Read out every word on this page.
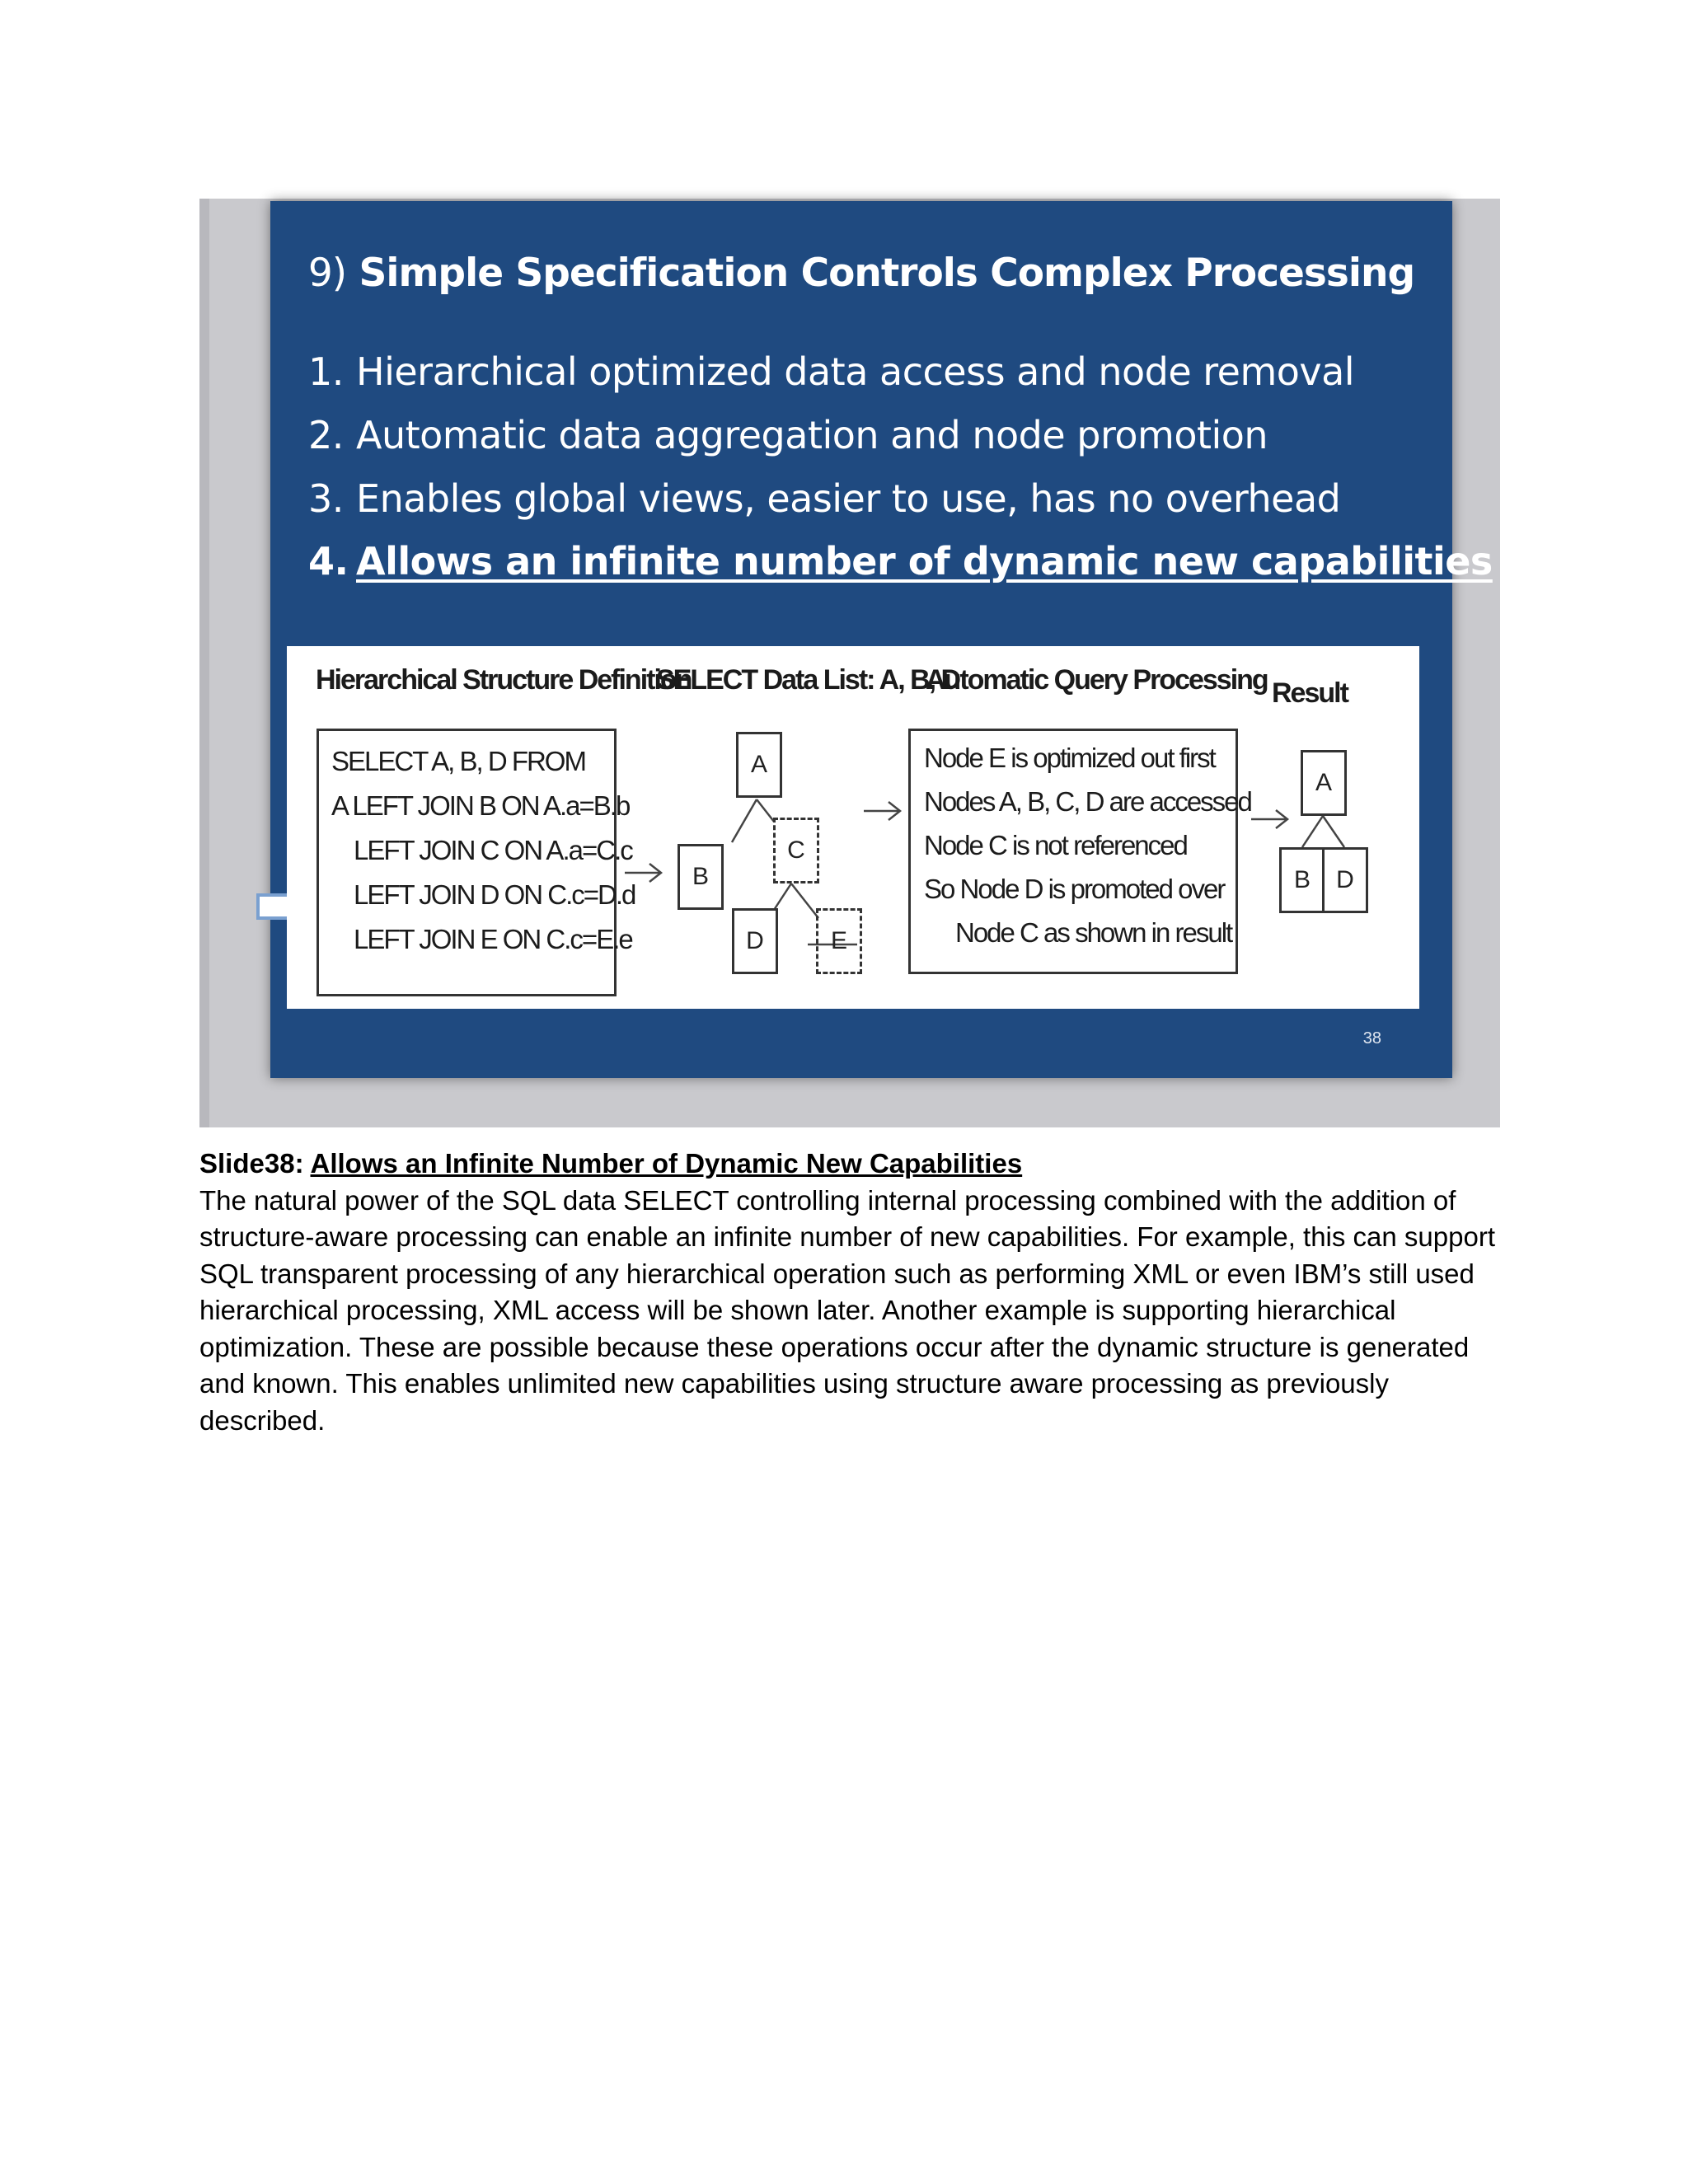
9) Simple Specification Controls Complex Processing
1. Hierarchical optimized data access and node removal
2. Automatic data aggregation and node promotion
3. Enables global views, easier to use, has no overhead
4. Allows an infinite number of dynamic new capabilities
Hierarchical Structure Definition
SELECT Data List: A, B, D
Automatic Query Processing Result
SELECT A, B, D FROM
A LEFT JOIN B ON A.a=B.b
LEFT JOIN C ON A.a=C.c
LEFT JOIN D ON C.c=D.d
LEFT JOIN E ON C.c=E.e
A
B
C
D	E
Node E is optimized out first
Nodes A, B, C, D are accessed
Node C is not referenced
So Node D is promoted over
Node C as shown in result
A
B	D
38
Slide38: Allows an Infinite Number of Dynamic New Capabilities
The natural power of the SQL data SELECT controlling internal processing combined with the addition of structure-aware processing can enable an infinite number of new capabilities. For example, this can support SQL transparent processing of any hierarchical operation such as performing XML or even IBM’s still used hierarchical processing, XML access will be shown later. Another example is supporting hierarchical optimization. These are possible because these operations occur after the dynamic structure is generated and known. This enables unlimited new capabilities using structure aware processing as previously described.
